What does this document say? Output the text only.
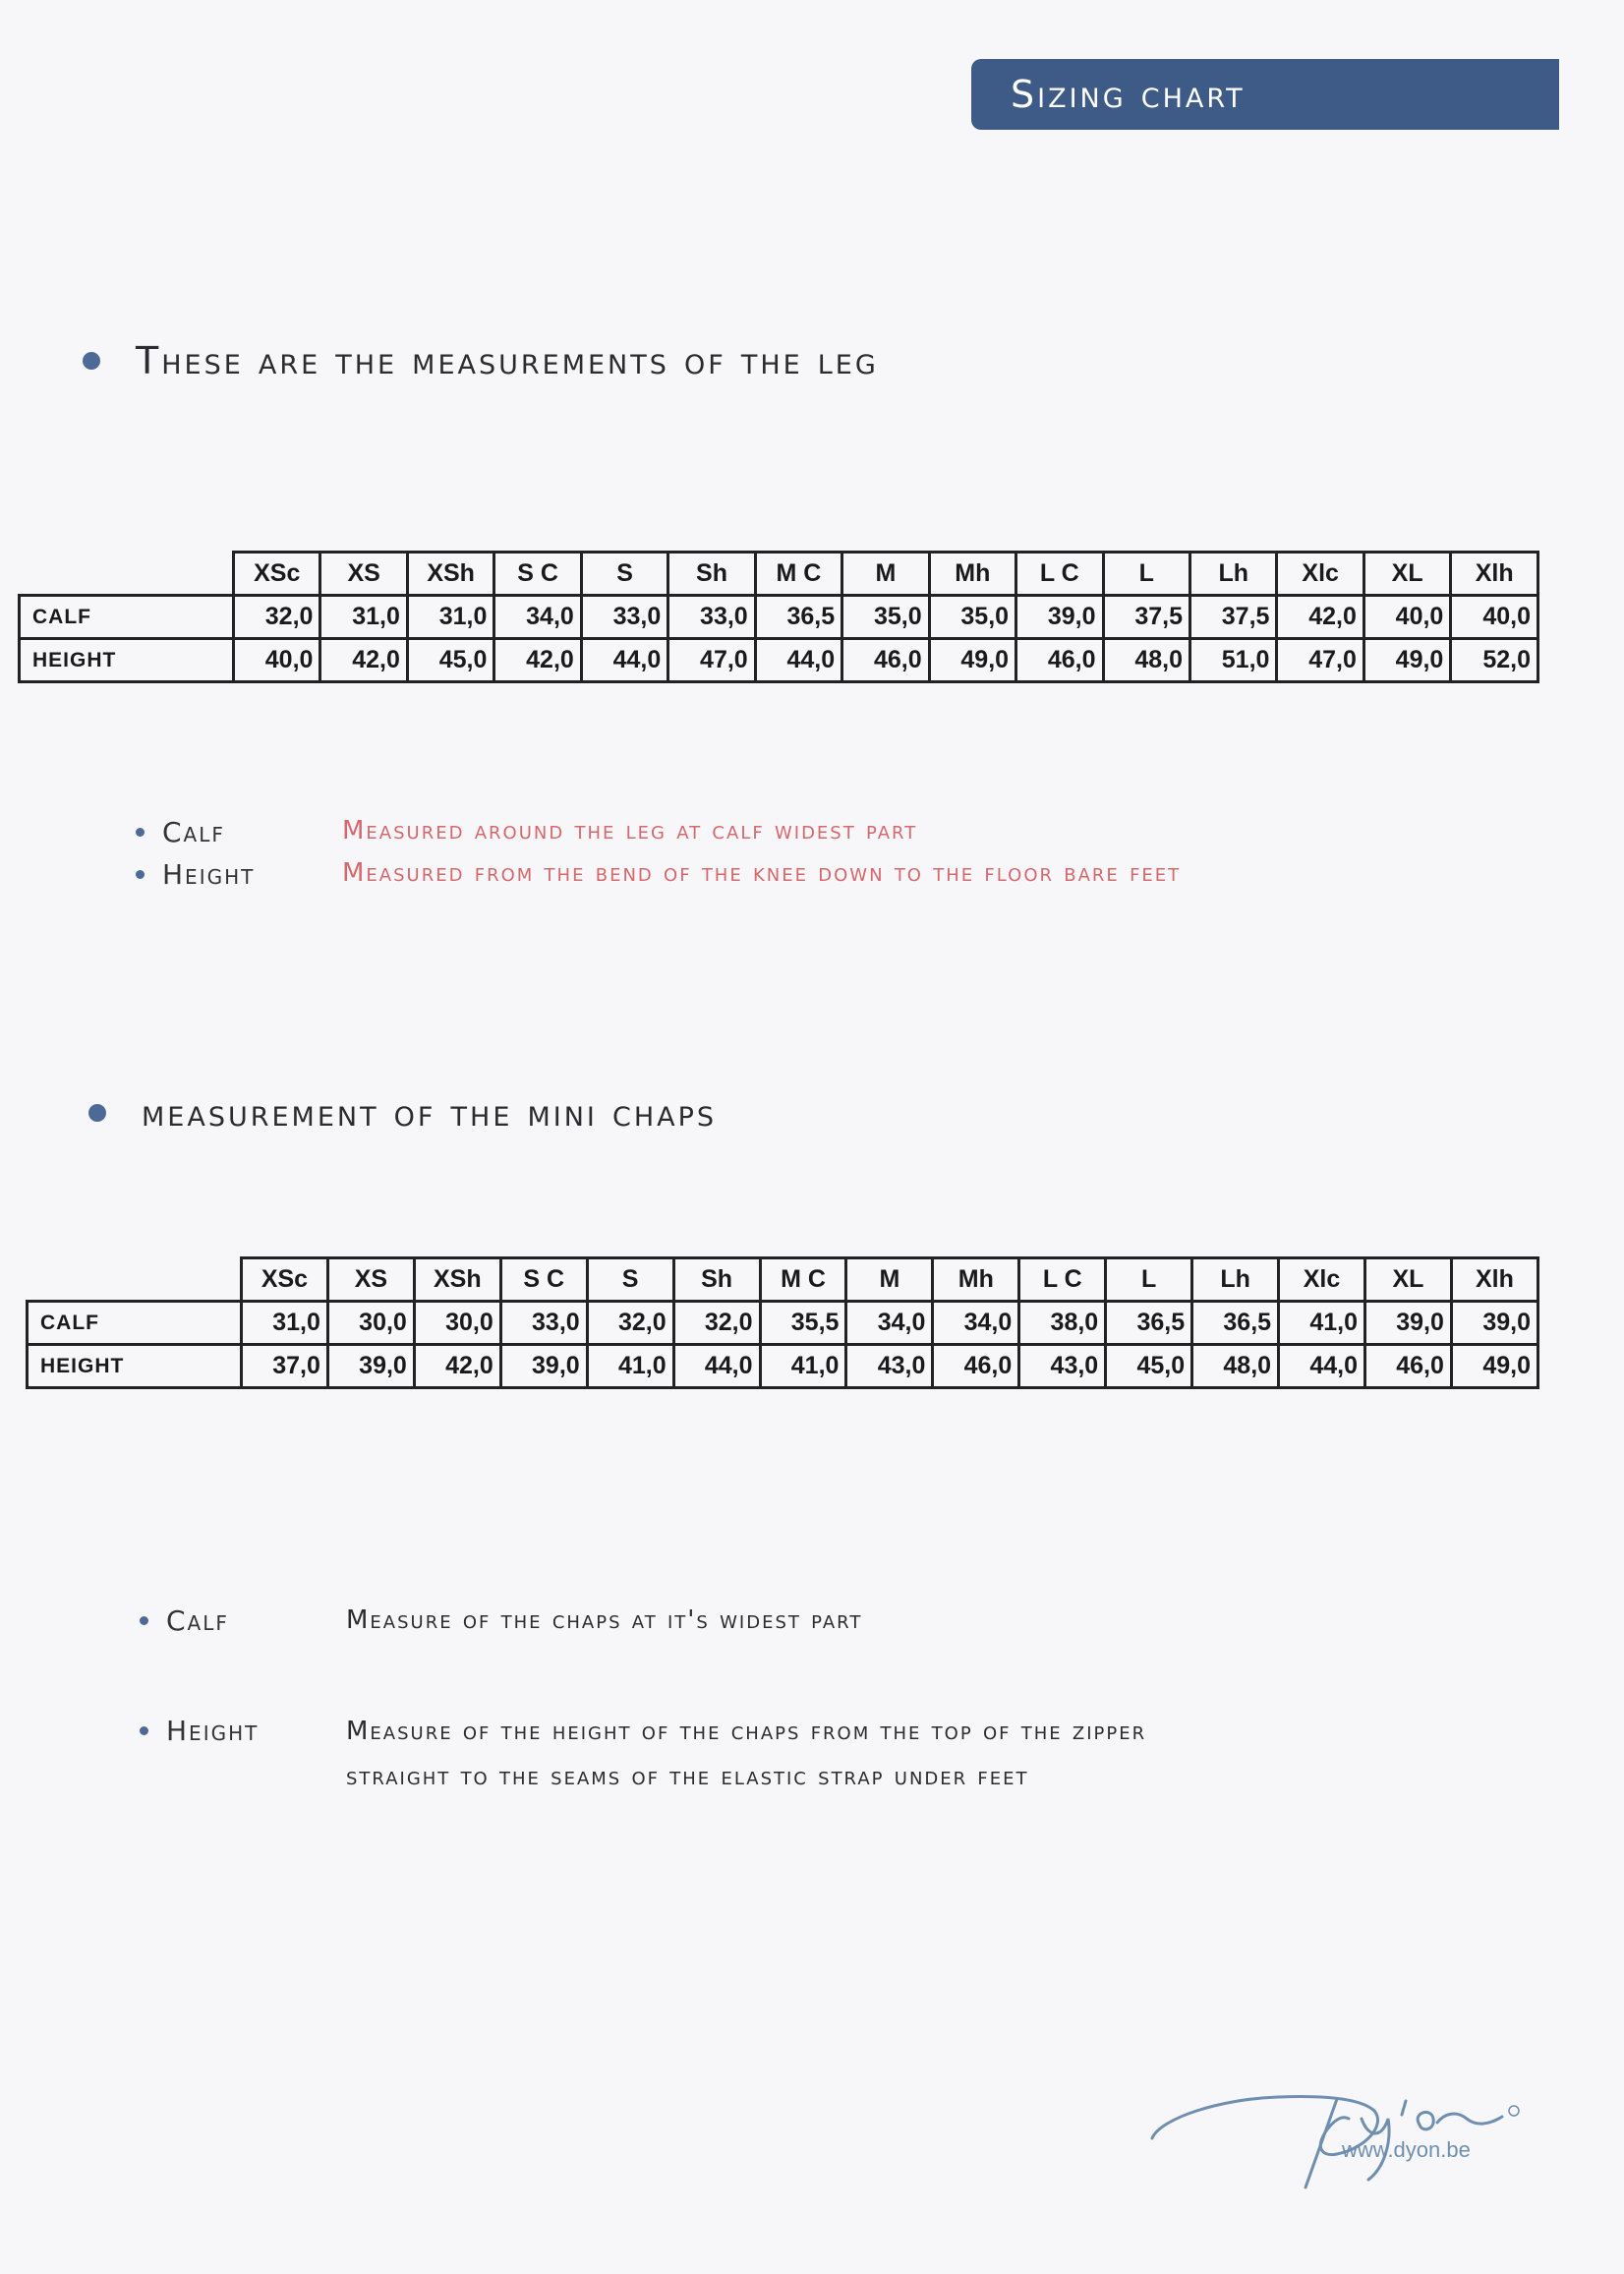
Sizing chart
These are the measurements of the leg
	XSc	XS	XSh	S C	S	Sh	M C	M	Mh	L C	L	Lh	Xlc	XL	Xlh
CALF	32,0	31,0	31,0	34,0	33,0	33,0	36,5	35,0	35,0	39,0	37,5	37,5	42,0	40,0	40,0
HEIGHT	40,0	42,0	45,0	42,0	44,0	47,0	44,0	46,0	49,0	46,0	48,0	51,0	47,0	49,0	52,0
Calf	Measured around the leg at calf widest part
Height	Measured from the bend of the knee down to the floor bare feet
measurement of the mini chaps
	XSc	XS	XSh	S C	S	Sh	M C	M	Mh	L C	L	Lh	Xlc	XL	Xlh
CALF	31,0	30,0	30,0	33,0	32,0	32,0	35,5	34,0	34,0	38,0	36,5	36,5	41,0	39,0	39,0
HEIGHT	37,0	39,0	42,0	39,0	41,0	44,0	41,0	43,0	46,0	43,0	45,0	48,0	44,0	46,0	49,0
Calf	Measure of the chaps at it's widest part
Height	Measure of the height of the chaps from the top of the zipper
straight to the seams of the elastic strap under feet
www.dyon.be
